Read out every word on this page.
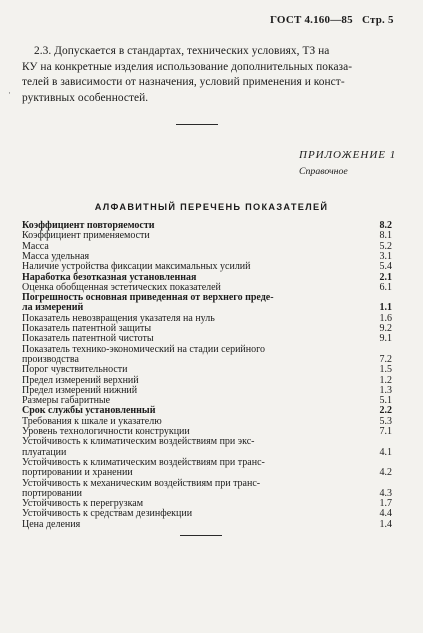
ГОСТ 4.160—85 Стр. 5
2.3. Допускается в стандартах, технических условиях, ТЗ на
КУ на конкретные изделия использование дополнительных показа-
телей в зависимости от назначения, условий применения и конст-
руктивных особенностей.
·
ПРИЛОЖЕНИЕ 1
Справочное
АЛФАВИТНЫЙ ПЕРЕЧЕНЬ ПОКАЗАТЕЛЕЙ
Коэффициент повторяемости	8.2
Коэффициент применяемости	8.1
Масса	5.2
Масса удельная	3.1
Наличие устройства фиксации максимальных усилий	5.4
Наработка безотказная установленная	2.1
Оценка обобщенная эстетических показателей	6.1
Погрешность основная приведенная от верхнего преде-
ла измерений	1.1
Показатель невозвращения указателя на нуль	1.6
Показатель патентной защиты	9.2
Показатель патентной чистоты	9.1
Показатель технико-экономический на стадии серийного
производства	7.2
Порог чувствительности	1.5
Предел измерений верхний	1.2
Предел измерений нижний	1.3
Размеры габаритные	5.1
Срок службы установленный	2.2
Требования к шкале и указателю	5.3
Уровень технологичности конструкции	7.1
Устойчивость к климатическим воздействиям при экс-
плуатации	4.1
Устойчивость к климатическим воздействиям при транс-
портировании и хранении	4.2
Устойчивость к механическим воздействиям при транс-
портировании	4.3
Устойчивость к перегрузкам	1.7
Устойчивость к средствам дезинфекции	4.4
Цена деления	1.4
